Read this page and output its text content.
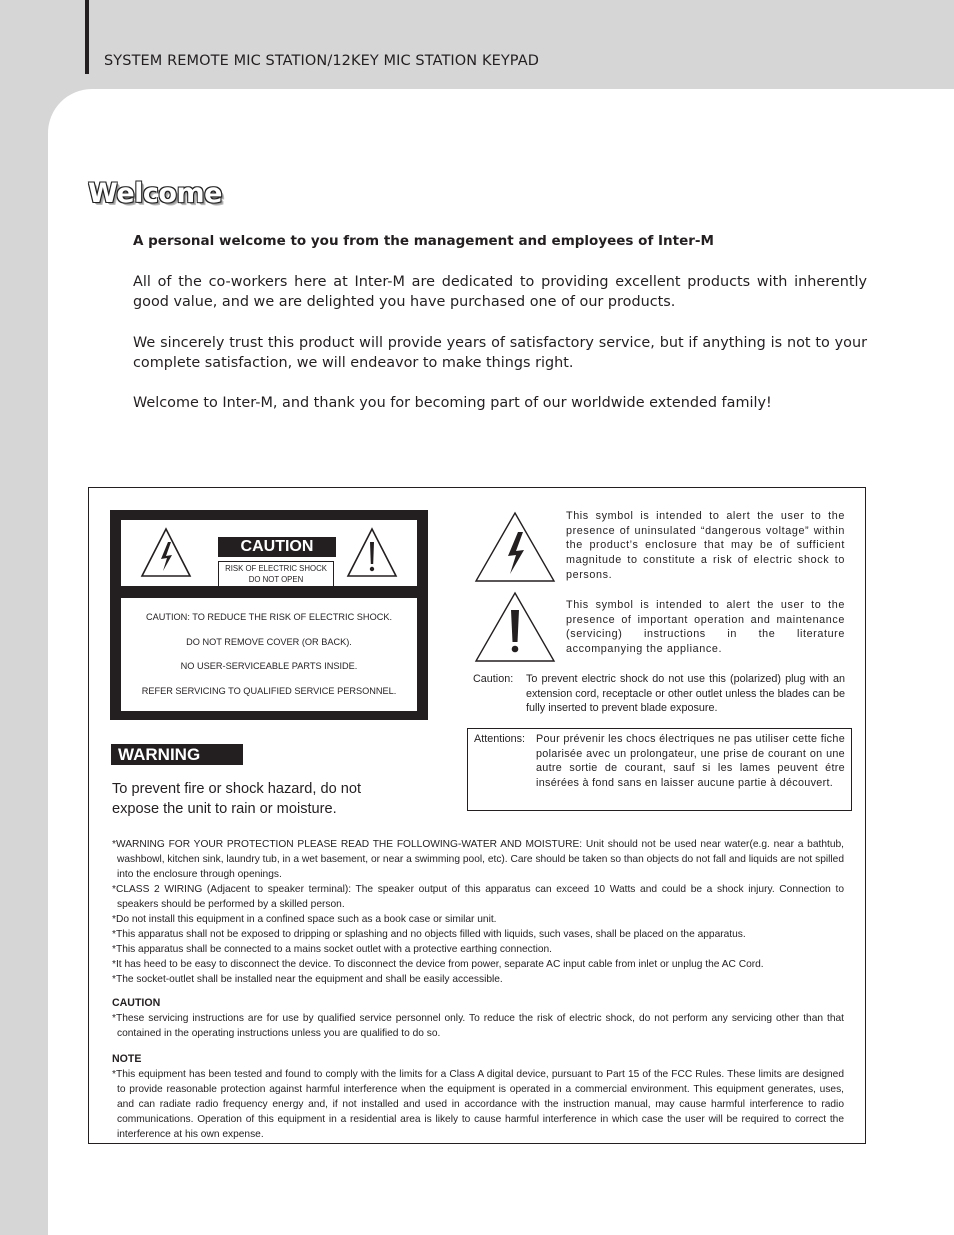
SYSTEM REMOTE MIC STATION/12KEY MIC STATION KEYPAD
Welcome

A personal welcome to you from the management and employees of Inter-M

All of the co-workers here at Inter-M are dedicated to providing excellent products with inherently good value, and we are delighted you have purchased one of our products.

We sincerely trust this product will provide years of satisfactory service, but if anything is not to your complete satisfaction, we will endeavor to make things right.

Welcome to Inter-M, and thank you for becoming part of our worldwide extended family!

CAUTION
RISK OF ELECTRIC SHOCK
DO NOT OPEN
CAUTION: TO REDUCE THE RISK OF ELECTRIC SHOCK.
DO NOT REMOVE COVER (OR BACK).
NO USER-SERVICEABLE PARTS INSIDE.
REFER SERVICING TO QUALIFIED SERVICE PERSONNEL.
WARNING
To prevent fire or shock hazard, do not expose the unit to rain or moisture.
This symbol is intended to alert the user to the presence of uninsulated “dangerous voltage” within the product’s enclosure that may be of sufficient magnitude to constitute a risk of electric shock to persons.
This symbol is intended to alert the user to the presence of important operation and maintenance (servicing) instructions in the literature accompanying the appliance.
Caution: To prevent electric shock do not use this (polarized) plug with an extension cord, receptacle or other outlet unless the blades can be fully inserted to prevent blade exposure.
Attentions: Pour prévenir les chocs électriques ne pas utiliser cette fiche polarisée avec un prolongateur, une prise de courant on une autre sortie de courant, sauf si les lames peuvent étre insérées à fond sans en laisser aucune partie à découvert.

*WARNING FOR YOUR PROTECTION PLEASE READ THE FOLLOWING-WATER AND MOISTURE: Unit should not be used near water(e.g. near a bathtub, washbowl, kitchen sink, laundry tub, in a wet basement, or near a swimming pool, etc). Care should be taken so than objects do not fall and liquids are not spilled into the enclosure through openings.

*CLASS 2 WIRING (Adjacent to speaker terminal): The speaker output of this apparatus can exceed 10 Watts and could be a shock injury. Connection to speakers should be performed by a skilled person.

*Do not install this equipment in a confined space such as a book case or similar unit.

*This apparatus shall not be exposed to dripping or splashing and no objects filled with liquids, such vases, shall be placed on the apparatus.

*This apparatus shall be connected to a mains socket outlet with a protective earthing connection.

*It has heed to be easy to disconnect the device. To disconnect the device from power, separate AC input cable from inlet or unplug the AC Cord.

*The socket-outlet shall be installed near the equipment and shall be easily accessible.

CAUTION

*These servicing instructions are for use by qualified service personnel only. To reduce the risk of electric shock, do not perform any servicing other than that contained in the operating instructions unless you are qualified to do so.

NOTE

*This equipment has been tested and found to comply with the limits for a Class A digital device, pursuant to Part 15 of the FCC Rules. These limits are designed to provide reasonable protection against harmful interference when the equipment is operated in a commercial environment. This equipment generates, uses, and can radiate radio frequency energy and, if not installed and used in accordance with the instruction manual, may cause harmful interference to radio communications. Operation of this equipment in a residential area is likely to cause harmful interference in which case the user will be required to correct the interference at his own expense.
